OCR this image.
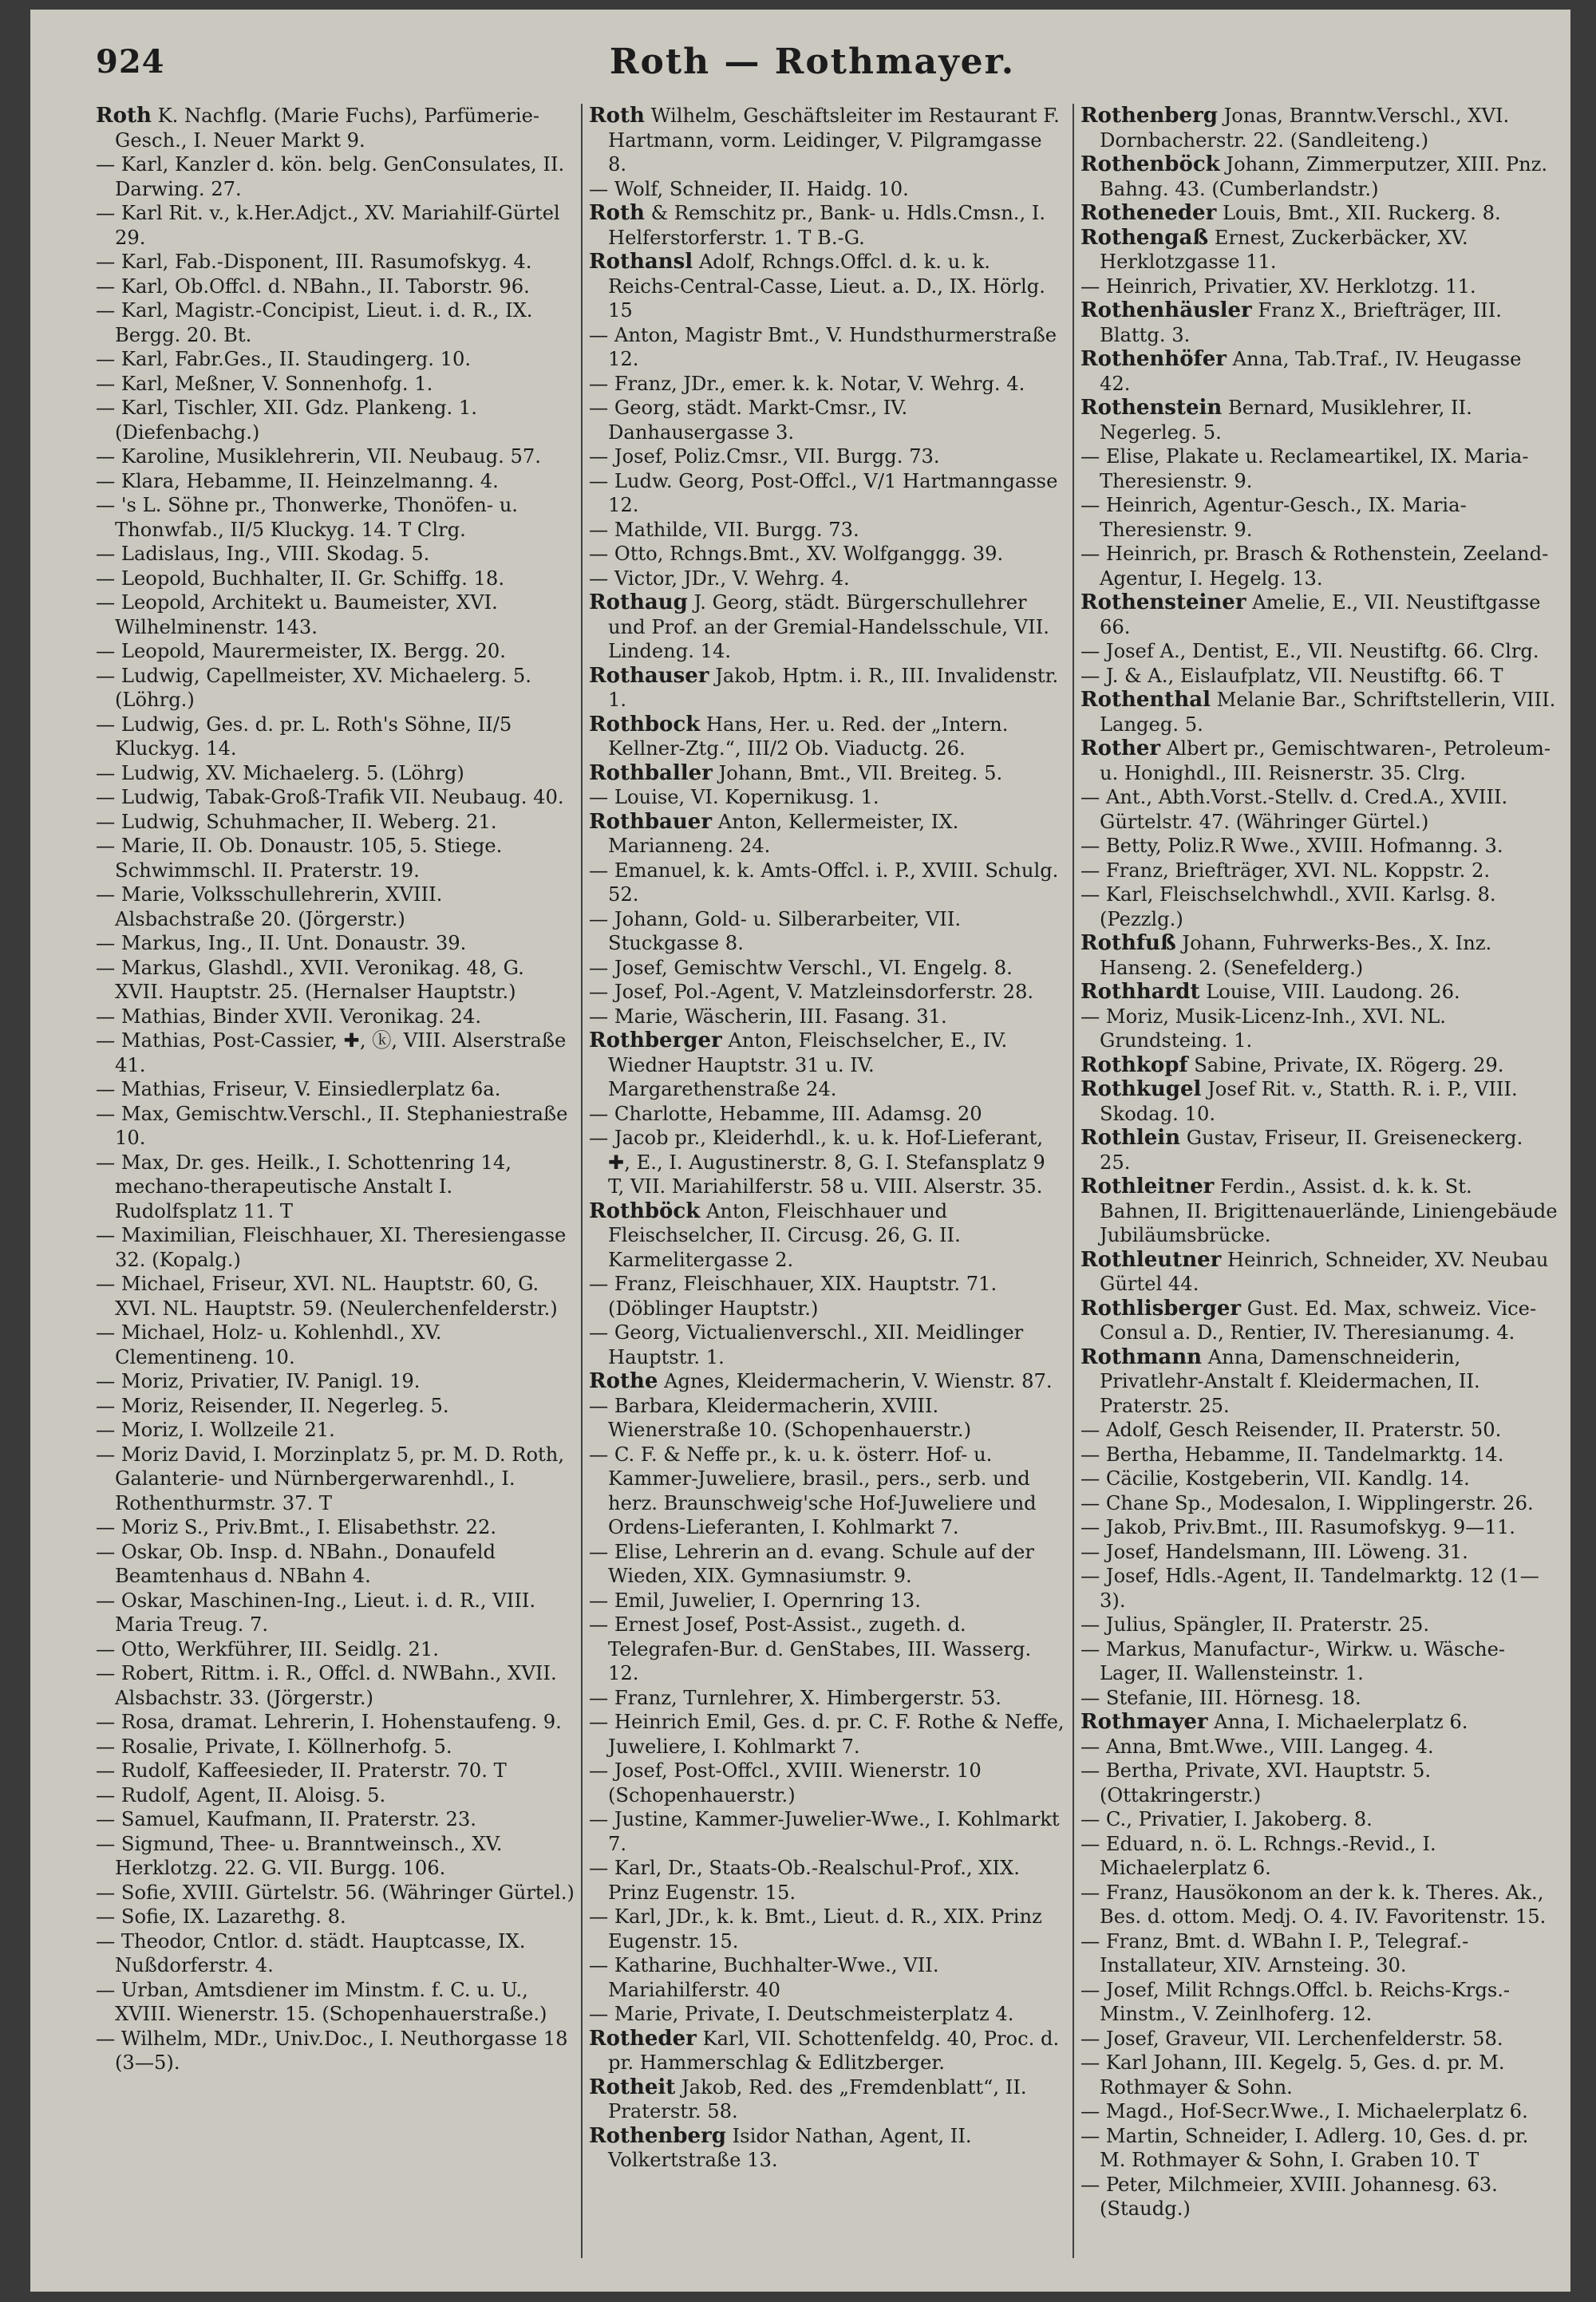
924	Roth — Rothmayer.

Roth K. Nachflg. (Marie Fuchs), Parfümerie-Gesch., I. Neuer Markt 9.

— Karl, Kanzler d. kön. belg. GenConsulates, II. Darwing. 27.

— Karl Rit. v., k.Her.Adjct., XV. Mariahilf-Gürtel 29.

— Karl, Fab.-Disponent, III. Rasumofskyg. 4.

— Karl, Ob.Offcl. d. NBahn., II. Taborstr. 96.

— Karl, Magistr.-Concipist, Lieut. i. d. R., IX. Bergg. 20. Bt.

— Karl, Fabr.Ges., II. Staudingerg. 10.

— Karl, Meßner, V. Sonnenhofg. 1.

— Karl, Tischler, XII. Gdz. Plankeng. 1. (Diefenbachg.)

— Karoline, Musiklehrerin, VII. Neubaug. 57.

— Klara, Hebamme, II. Heinzelmanng. 4.

— 's L. Söhne pr., Thonwerke, Thonöfen- u. Thonwfab., II/5 Kluckyg. 14. T Clrg.

— Ladislaus, Ing., VIII. Skodag. 5.

— Leopold, Buchhalter, II. Gr. Schiffg. 18.

— Leopold, Architekt u. Baumeister, XVI. Wilhelminenstr. 143.

— Leopold, Maurermeister, IX. Bergg. 20.

— Ludwig, Capellmeister, XV. Michaelerg. 5. (Löhrg.)

— Ludwig, Ges. d. pr. L. Roth's Söhne, II/5 Kluckyg. 14.

— Ludwig, XV. Michaelerg. 5. (Löhrg)

— Ludwig, Tabak-Groß-Trafik VII. Neubaug. 40.

— Ludwig, Schuhmacher, II. Weberg. 21.

— Marie, II. Ob. Donaustr. 105, 5. Stiege. Schwimmschl. II. Praterstr. 19.

— Marie, Volksschullehrerin, XVIII. Alsbachstraße 20. (Jörgerstr.)

— Markus, Ing., II. Unt. Donaustr. 39.

— Markus, Glashdl., XVII. Veronikag. 48, G. XVII. Hauptstr. 25. (Hernalser Hauptstr.)

— Mathias, Binder XVII. Veronikag. 24.

— Mathias, Post-Cassier, ✚, ⓚ, VIII. Alserstraße 41.

— Mathias, Friseur, V. Einsiedlerplatz 6a.

— Max, Gemischtw.Verschl., II. Stephaniestraße 10.

— Max, Dr. ges. Heilk., I. Schottenring 14, mechano-therapeutische Anstalt I. Rudolfsplatz 11. T

— Maximilian, Fleischhauer, XI. Theresiengasse 32. (Kopalg.)

— Michael, Friseur, XVI. NL. Hauptstr. 60, G. XVI. NL. Hauptstr. 59. (Neulerchenfelderstr.)

— Michael, Holz- u. Kohlenhdl., XV. Clementineng. 10.

— Moriz, Privatier, IV. Panigl. 19.

— Moriz, Reisender, II. Negerleg. 5.

— Moriz, I. Wollzeile 21.

— Moriz David, I. Morzinplatz 5, pr. M. D. Roth, Galanterie- und Nürnbergerwarenhdl., I. Rothenthurmstr. 37. T

— Moriz S., Priv.Bmt., I. Elisabethstr. 22.

— Oskar, Ob. Insp. d. NBahn., Donaufeld Beamtenhaus d. NBahn 4.

— Oskar, Maschinen-Ing., Lieut. i. d. R., VIII. Maria Treug. 7.

— Otto, Werkführer, III. Seidlg. 21.

— Robert, Rittm. i. R., Offcl. d. NWBahn., XVII. Alsbachstr. 33. (Jörgerstr.)

— Rosa, dramat. Lehrerin, I. Hohenstaufeng. 9.

— Rosalie, Private, I. Köllnerhofg. 5.

— Rudolf, Kaffeesieder, II. Praterstr. 70. T

— Rudolf, Agent, II. Aloisg. 5.

— Samuel, Kaufmann, II. Praterstr. 23.

— Sigmund, Thee- u. Branntweinsch., XV. Herklotzg. 22. G. VII. Burgg. 106.

— Sofie, XVIII. Gürtelstr. 56. (Währinger Gürtel.)

— Sofie, IX. Lazarethg. 8.

— Theodor, Cntlor. d. städt. Hauptcasse, IX. Nußdorferstr. 4.

— Urban, Amtsdiener im Minstm. f. C. u. U., XVIII. Wienerstr. 15. (Schopenhauerstraße.)

— Wilhelm, MDr., Univ.Doc., I. Neuthorgasse 18 (3—5).

Roth Wilhelm, Geschäftsleiter im Restaurant F. Hartmann, vorm. Leidinger, V. Pilgramgasse 8.

— Wolf, Schneider, II. Haidg. 10.

Roth & Remschitz pr., Bank- u. Hdls.Cmsn., I. Helferstorferstr. 1. T B.-G.

Rothansl Adolf, Rchngs.Offcl. d. k. u. k. Reichs-Central-Casse, Lieut. a. D., IX. Hörlg. 15

— Anton, Magistr Bmt., V. Hundsthurmerstraße 12.

— Franz, JDr., emer. k. k. Notar, V. Wehrg. 4.

— Georg, städt. Markt-Cmsr., IV. Danhausergasse 3.

— Josef, Poliz.Cmsr., VII. Burgg. 73.

— Ludw. Georg, Post-Offcl., V/1 Hartmanngasse 12.

— Mathilde, VII. Burgg. 73.

— Otto, Rchngs.Bmt., XV. Wolfganggg. 39.

— Victor, JDr., V. Wehrg. 4.

Rothaug J. Georg, städt. Bürgerschullehrer und Prof. an der Gremial-Handelsschule, VII. Lindeng. 14.

Rothauser Jakob, Hptm. i. R., III. Invalidenstr. 1.

Rothbock Hans, Her. u. Red. der „Intern. Kellner-Ztg.“, III/2 Ob. Viaductg. 26.

Rothballer Johann, Bmt., VII. Breiteg. 5.

— Louise, VI. Kopernikusg. 1.

Rothbauer Anton, Kellermeister, IX. Marianneng. 24.

— Emanuel, k. k. Amts-Offcl. i. P., XVIII. Schulg. 52.

— Johann, Gold- u. Silberarbeiter, VII. Stuckgasse 8.

— Josef, Gemischtw Verschl., VI. Engelg. 8.

— Josef, Pol.-Agent, V. Matzleinsdorferstr. 28.

— Marie, Wäscherin, III. Fasang. 31.

Rothberger Anton, Fleischselcher, E., IV. Wiedner Hauptstr. 31 u. IV. Margarethenstraße 24.

— Charlotte, Hebamme, III. Adamsg. 20

— Jacob pr., Kleiderhdl., k. u. k. Hof-Lieferant, ✚, E., I. Augustinerstr. 8, G. I. Stefansplatz 9 T, VII. Mariahilferstr. 58 u. VIII. Alserstr. 35.

Rothböck Anton, Fleischhauer und Fleischselcher, II. Circusg. 26, G. II. Karmelitergasse 2.

— Franz, Fleischhauer, XIX. Hauptstr. 71. (Döblinger Hauptstr.)

— Georg, Victualienverschl., XII. Meidlinger Hauptstr. 1.

Rothe Agnes, Kleidermacherin, V. Wienstr. 87.

— Barbara, Kleidermacherin, XVIII. Wienerstraße 10. (Schopenhauerstr.)

— C. F. & Neffe pr., k. u. k. österr. Hof- u. Kammer-Juweliere, brasil., pers., serb. und herz. Braunschweig'sche Hof-Juweliere und Ordens-Lieferanten, I. Kohlmarkt 7.

— Elise, Lehrerin an d. evang. Schule auf der Wieden, XIX. Gymnasiumstr. 9.

— Emil, Juwelier, I. Opernring 13.

— Ernest Josef, Post-Assist., zugeth. d. Telegrafen-Bur. d. GenStabes, III. Wasserg. 12.

— Franz, Turnlehrer, X. Himbergerstr. 53.

— Heinrich Emil, Ges. d. pr. C. F. Rothe & Neffe, Juweliere, I. Kohlmarkt 7.

— Josef, Post-Offcl., XVIII. Wienerstr. 10 (Schopenhauerstr.)

— Justine, Kammer-Juwelier-Wwe., I. Kohlmarkt 7.

— Karl, Dr., Staats-Ob.-Realschul-Prof., XIX. Prinz Eugenstr. 15.

— Karl, JDr., k. k. Bmt., Lieut. d. R., XIX. Prinz Eugenstr. 15.

— Katharine, Buchhalter-Wwe., VII. Mariahilferstr. 40

— Marie, Private, I. Deutschmeisterplatz 4.

Rotheder Karl, VII. Schottenfeldg. 40, Proc. d. pr. Hammerschlag & Edlitzberger.

Rotheit Jakob, Red. des „Fremdenblatt“, II. Praterstr. 58.

Rothenberg Isidor Nathan, Agent, II. Volkertstraße 13.

Rothenberg Jonas, Branntw.Verschl., XVI. Dornbacherstr. 22. (Sandleiteng.)

Rothenböck Johann, Zimmerputzer, XIII. Pnz. Bahng. 43. (Cumberlandstr.)

Rotheneder Louis, Bmt., XII. Ruckerg. 8.

Rothengaß Ernest, Zuckerbäcker, XV. Herklotzgasse 11.

— Heinrich, Privatier, XV. Herklotzg. 11.

Rothenhäusler Franz X., Briefträger, III. Blattg. 3.

Rothenhöfer Anna, Tab.Traf., IV. Heugasse 42.

Rothenstein Bernard, Musiklehrer, II. Negerleg. 5.

— Elise, Plakate u. Reclameartikel, IX. Maria-Theresienstr. 9.

— Heinrich, Agentur-Gesch., IX. Maria-Theresienstr. 9.

— Heinrich, pr. Brasch & Rothenstein, Zeeland-Agentur, I. Hegelg. 13.

Rothensteiner Amelie, E., VII. Neustiftgasse 66.

— Josef A., Dentist, E., VII. Neustiftg. 66. Clrg.

— J. & A., Eislaufplatz, VII. Neustiftg. 66. T

Rothenthal Melanie Bar., Schriftstellerin, VIII. Langeg. 5.

Rother Albert pr., Gemischtwaren-, Petroleum- u. Honighdl., III. Reisnerstr. 35. Clrg.

— Ant., Abth.Vorst.-Stellv. d. Cred.A., XVIII. Gürtelstr. 47. (Währinger Gürtel.)

— Betty, Poliz.R Wwe., XVIII. Hofmanng. 3.

— Franz, Briefträger, XVI. NL. Koppstr. 2.

— Karl, Fleischselchwhdl., XVII. Karlsg. 8. (Pezzlg.)

Rothfuß Johann, Fuhrwerks-Bes., X. Inz. Hanseng. 2. (Senefelderg.)

Rothhardt Louise, VIII. Laudong. 26.

— Moriz, Musik-Licenz-Inh., XVI. NL. Grundsteing. 1.

Rothkopf Sabine, Private, IX. Rögerg. 29.

Rothkugel Josef Rit. v., Statth. R. i. P., VIII. Skodag. 10.

Rothlein Gustav, Friseur, II. Greiseneckerg. 25.

Rothleitner Ferdin., Assist. d. k. k. St. Bahnen, II. Brigittenauerlände, Liniengebäude Jubiläumsbrücke.

Rothleutner Heinrich, Schneider, XV. Neubau Gürtel 44.

Rothlisberger Gust. Ed. Max, schweiz. Vice-Consul a. D., Rentier, IV. Theresianumg. 4.

Rothmann Anna, Damenschneiderin, Privatlehr-Anstalt f. Kleidermachen, II. Praterstr. 25.

— Adolf, Gesch Reisender, II. Praterstr. 50.

— Bertha, Hebamme, II. Tandelmarktg. 14.

— Cäcilie, Kostgeberin, VII. Kandlg. 14.

— Chane Sp., Modesalon, I. Wipplingerstr. 26.

— Jakob, Priv.Bmt., III. Rasumofskyg. 9—11.

— Josef, Handelsmann, III. Löweng. 31.

— Josef, Hdls.-Agent, II. Tandelmarktg. 12 (1—3).

— Julius, Spängler, II. Praterstr. 25.

— Markus, Manufactur-, Wirkw. u. Wäsche-Lager, II. Wallensteinstr. 1.

— Stefanie, III. Hörnesg. 18.

Rothmayer Anna, I. Michaelerplatz 6.

— Anna, Bmt.Wwe., VIII. Langeg. 4.

— Bertha, Private, XVI. Hauptstr. 5. (Ottakringerstr.)

— C., Privatier, I. Jakoberg. 8.

— Eduard, n. ö. L. Rchngs.-Revid., I. Michaelerplatz 6.

— Franz, Hausökonom an der k. k. Theres. Ak., Bes. d. ottom. Medj. O. 4. IV. Favoritenstr. 15.

— Franz, Bmt. d. WBahn I. P., Telegraf.-Installateur, XIV. Arnsteing. 30.

— Josef, Milit Rchngs.Offcl. b. Reichs-Krgs.-Minstm., V. Zeinlhoferg. 12.

— Josef, Graveur, VII. Lerchenfelderstr. 58.

— Karl Johann, III. Kegelg. 5, Ges. d. pr. M. Rothmayer & Sohn.

— Magd., Hof-Secr.Wwe., I. Michaelerplatz 6.

— Martin, Schneider, I. Adlerg. 10, Ges. d. pr. M. Rothmayer & Sohn, I. Graben 10. T

— Peter, Milchmeier, XVIII. Johannesg. 63. (Staudg.)
